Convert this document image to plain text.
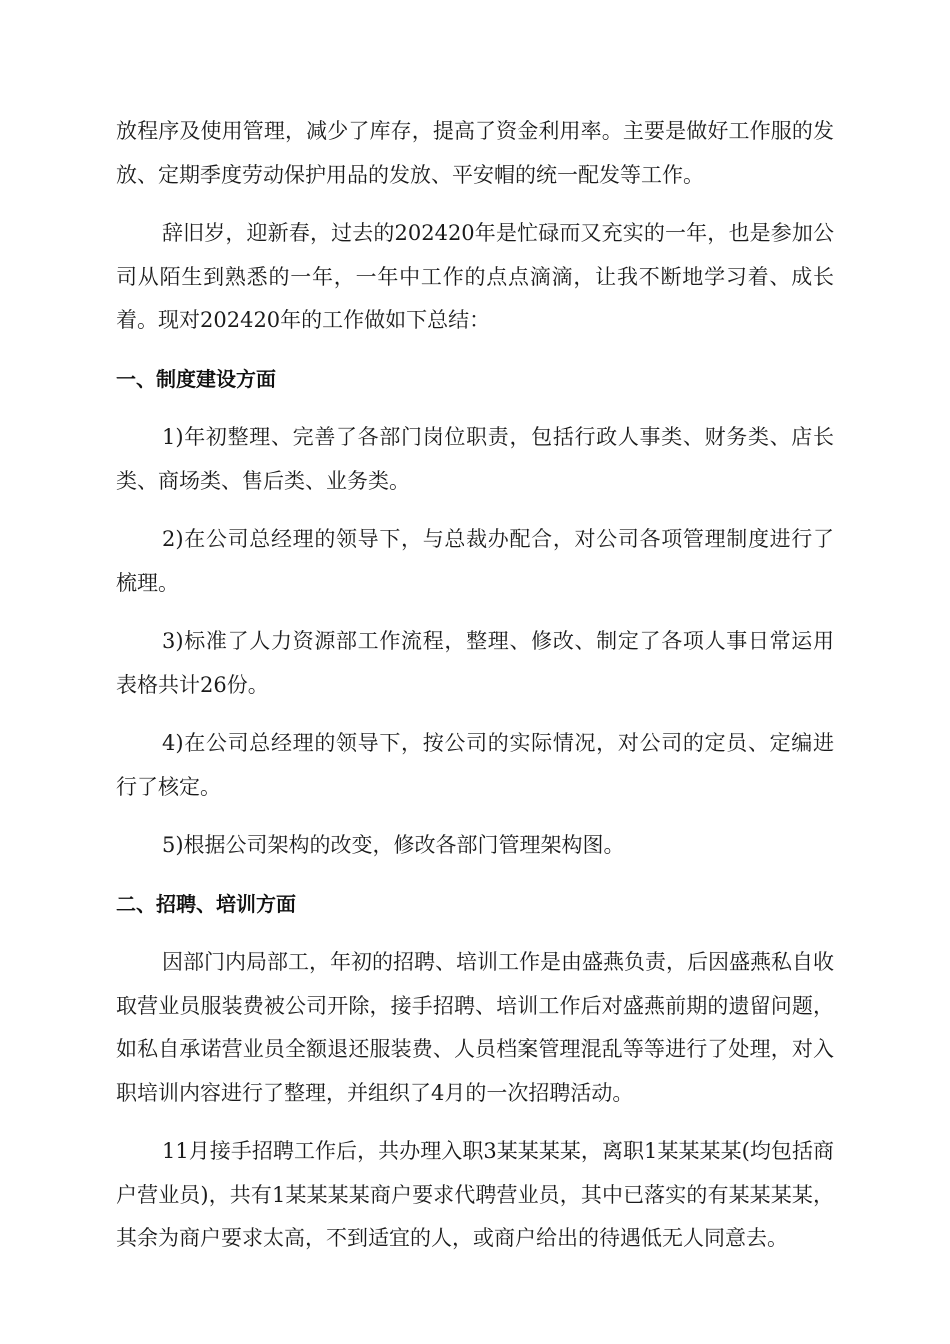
放程序及使用管理，减少了库存，提高了资金利用率。主要是做好工作服的发放、定期季度劳动保护用品的发放、平安帽的统一配发等工作。

辞旧岁，迎新春，过去的202420年是忙碌而又充实的一年，也是参加公司从陌生到熟悉的一年，一年中工作的点点滴滴，让我不断地学习着、成长着。现对202420年的工作做如下总结：

一、制度建设方面

1)年初整理、完善了各部门岗位职责，包括行政人事类、财务类、店长类、商场类、售后类、业务类。

2)在公司总经理的领导下，与总裁办配合，对公司各项管理制度进行了梳理。

3)标准了人力资源部工作流程，整理、修改、制定了各项人事日常运用表格共计26份。

4)在公司总经理的领导下，按公司的实际情况，对公司的定员、定编进行了核定。

5)根据公司架构的改变，修改各部门管理架构图。

二、招聘、培训方面

因部门内局部工，年初的招聘、培训工作是由盛燕负责，后因盛燕私自收取营业员服装费被公司开除，接手招聘、培训工作后对盛燕前期的遗留问题，如私自承诺营业员全额退还服装费、人员档案管理混乱等等进行了处理，对入职培训内容进行了整理，并组织了4月的一次招聘活动。

11月接手招聘工作后，共办理入职3某某某某，离职1某某某某(均包括商户营业员)，共有1某某某某商户要求代聘营业员，其中已落实的有某某某某，其余为商户要求太高，不到适宜的人，或商户给出的待遇低无人同意去。
